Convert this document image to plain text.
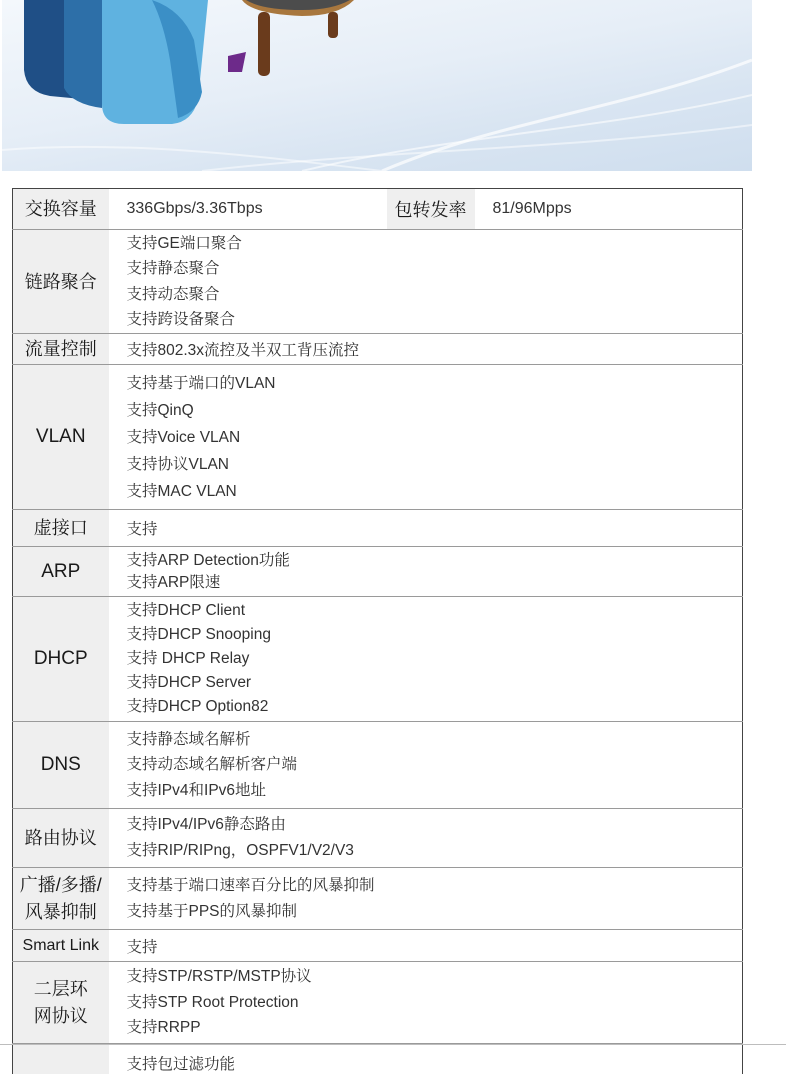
交换容量	336Gbps/3.36Tbps	包转发率	81/96Mpps
链路聚合	支持GE端口聚合
支持静态聚合
支持动态聚合
支持跨设备聚合		

流量控制	支持802.3x流控及半双工背压流控		

VLAN	支持基于端口的VLAN
支持QinQ
支持Voice VLAN
支持协议VLAN
支持MAC VLAN		

虚接口	支持		

ARP	支持ARP Detection功能
支持ARP限速		

DHCP	支持DHCP Client
支持DHCP Snooping
支持 DHCP Relay
支持DHCP Server
支持DHCP Option82		

DNS	支持静态域名解析
支持动态域名解析客户端
支持IPv4和IPv6地址		

路由协议	支持IPv4/IPv6静态路由
支持RIP/RIPng，OSPFV1/V2/V3		

广播/多播/
风暴抑制	支持基于端口速率百分比的风暴抑制
支持基于PPS的风暴抑制		

Smart Link	支持		

二层环
网协议	支持STP/RSTP/MSTP协议
支持STP Root Protection
支持RRPP		

	支持包过滤功能		
